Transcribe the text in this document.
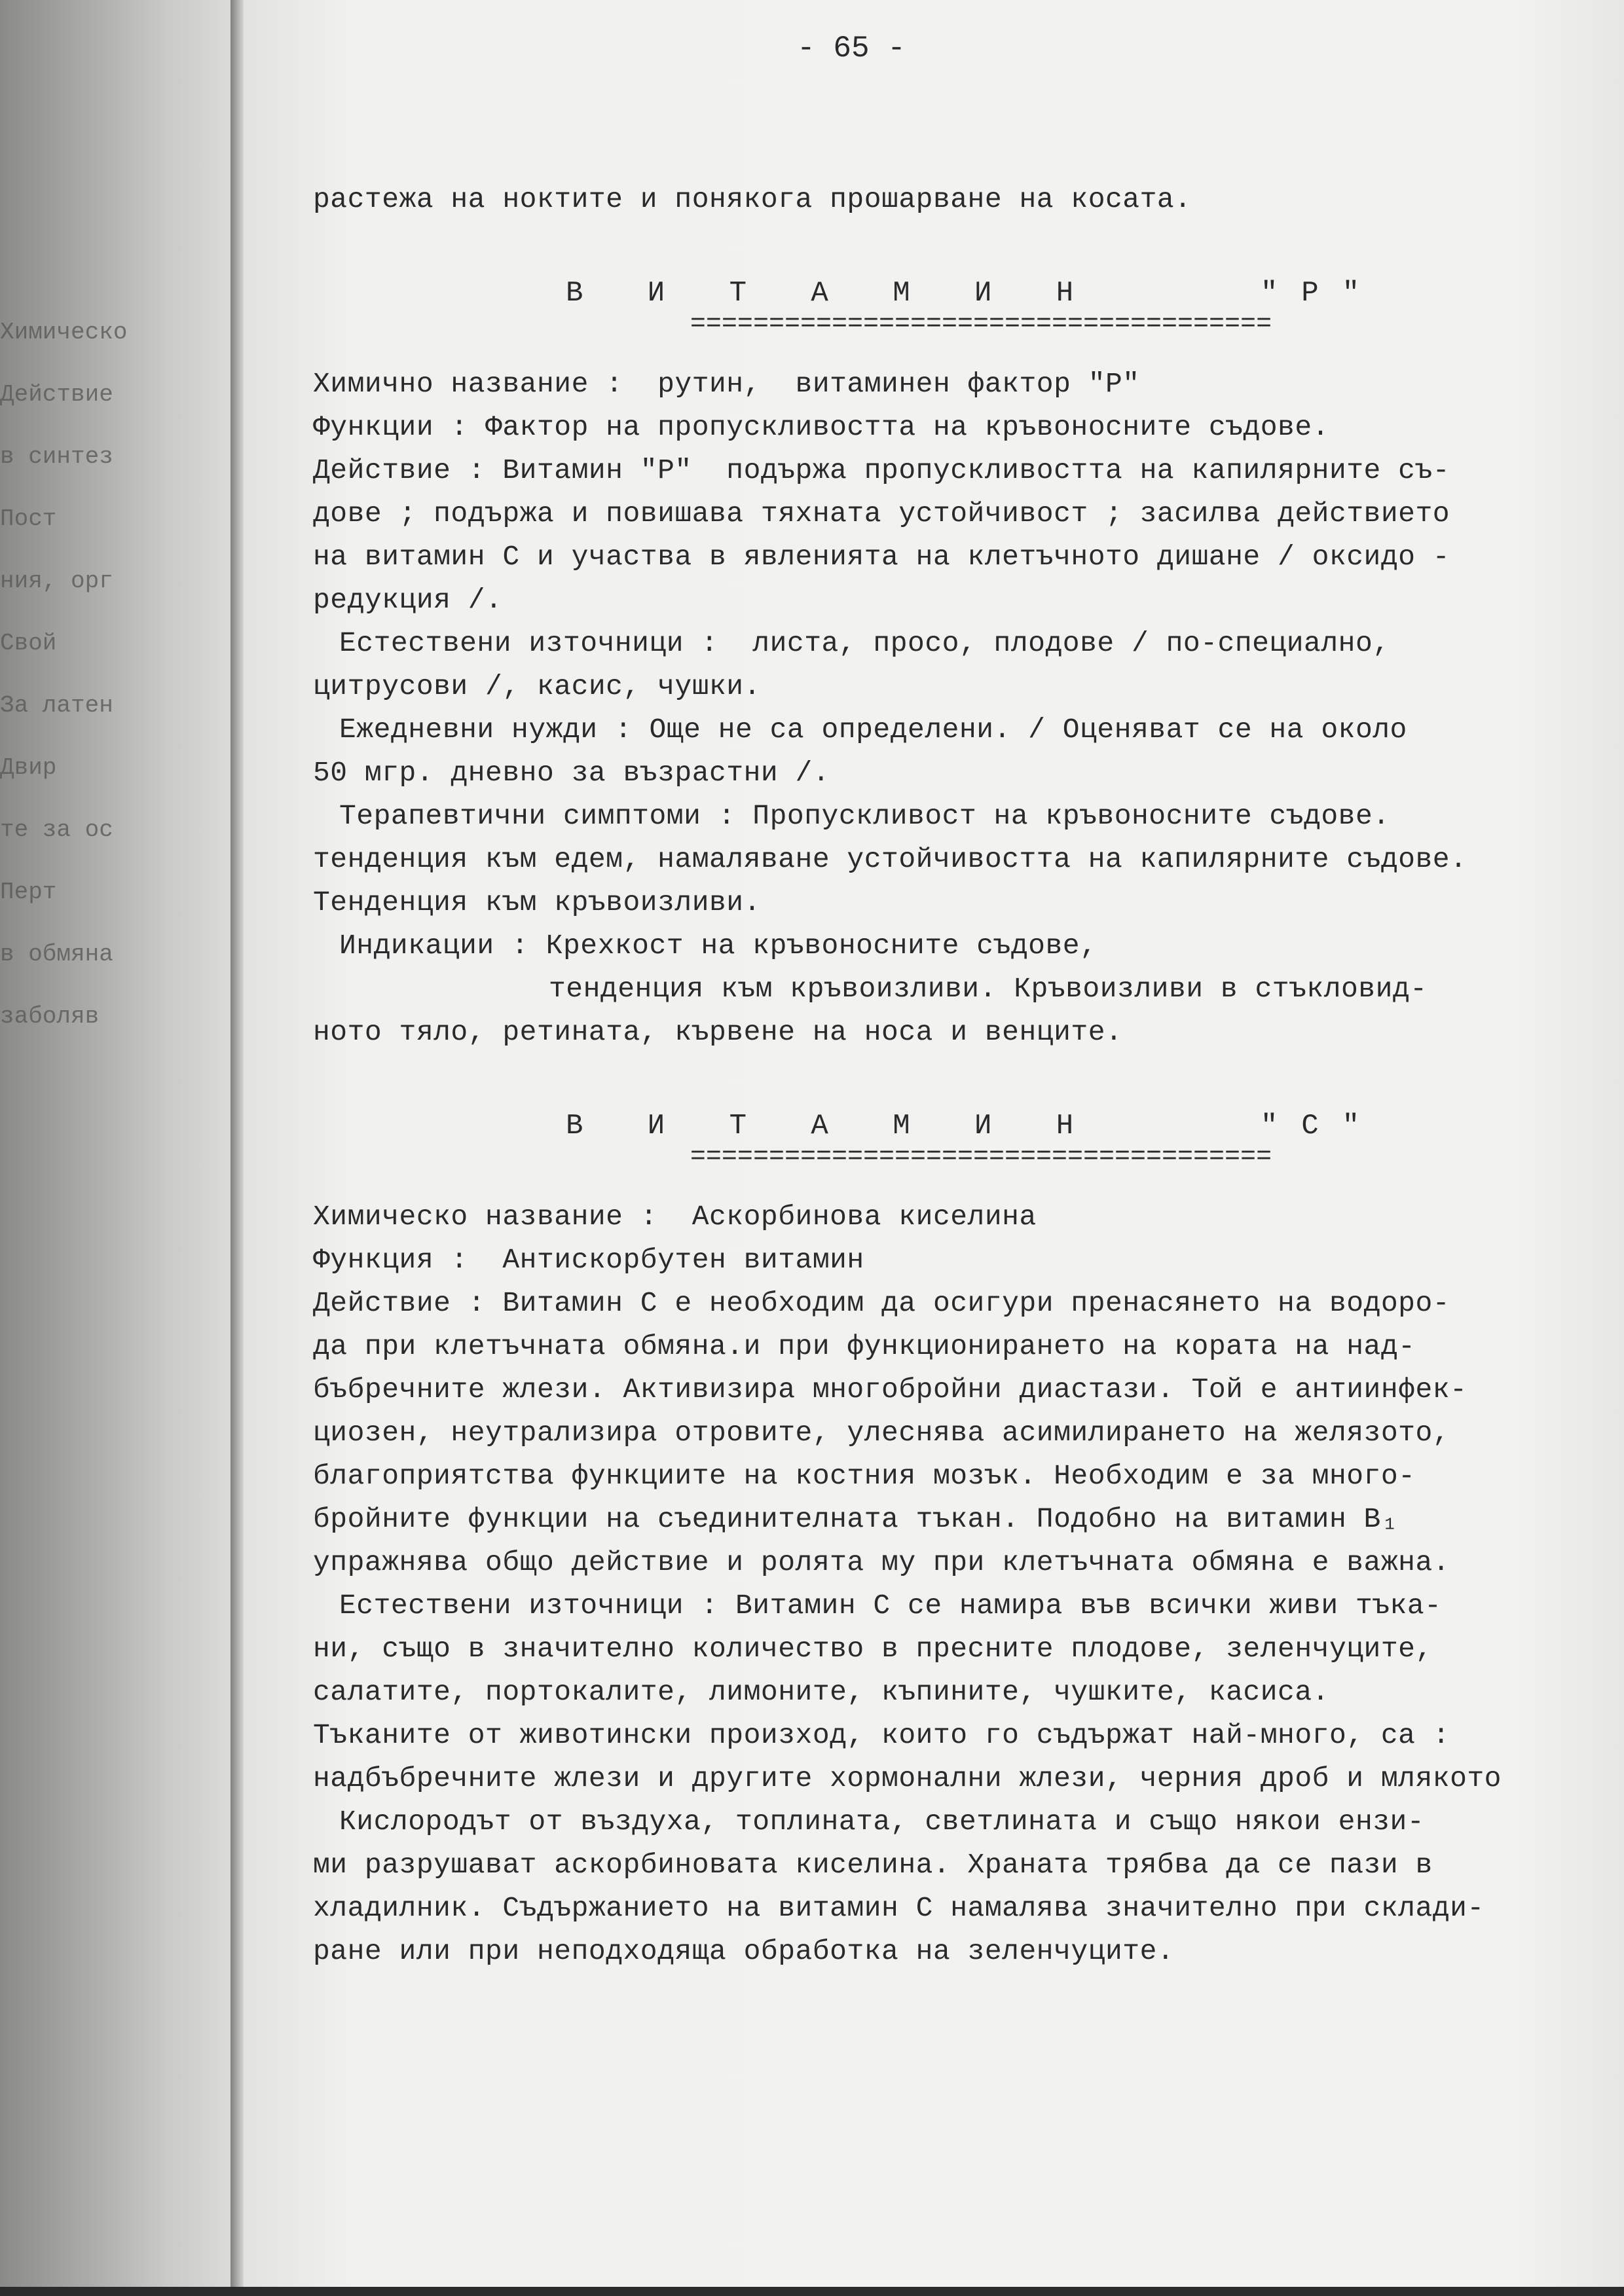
Химическо
Действие
в синтез
Пост
ния, орг
Свой
За латен
Двир
те за ос
Перт
в обмяна
заболяв
- 65 -

растежа на ноктите и понякога прошарване на косата.

В И Т А М И Н    "Р"

=====================================

Химично название :  рутин,  витаминен фактор "Р"

Функции : Фактор на пропускливостта на кръвоносните съдове.

Действие : Витамин "Р"  подържа пропускливостта на капилярните съ-

дове ; подържа и повишава тяхната устойчивост ; засилва действието

на витамин С и участва в явленията на клетъчното дишане / оксидо -

редукция /.

Естествени източници :  листа, просо, плодове / по-специално,

цитрусови /, касис, чушки.

Ежедневни нужди : Още не са определени. / Оценяват се на около

50 мгр. дневно за възрастни /.

Терапевтични симптоми : Пропускливост на кръвоносните съдове.

тенденция към едем, намаляване устойчивостта на капилярните съдове.

Тенденция към кръвоизливи.

Индикации : Крехкост на кръвоносните съдове,

тенденция към кръвоизливи. Кръвоизливи в стъкловид-

ното тяло, ретината, кървене на носа и венците.

В И Т А М И Н    "С"

=====================================

Химическо название :  Аскорбинова киселина

Функция :  Антискорбутен витамин

Действие : Витамин С е необходим да осигури пренасянето на водоро-

да при клетъчната обмяна.и при функционирането на кората на над-

бъбречните жлези. Активизира многобройни диастази. Той е антиинфек-

циозен, неутрализира отровите, улеснява асимилирането на желязото,

благоприятства функциите на костния мозък. Необходим е за много-

бройните функции на съединителната тъкан. Подобно на витамин B₁

упражнява общо действие и ролята му при клетъчната обмяна е важна.

Естествени източници : Витамин С се намира във всички живи тъка-

ни, също в значително количество в пресните плодове, зеленчуците,

салатите, портокалите, лимоните, къпините, чушките, касиса.

Тъканите от животински произход, които го съдържат най-много, са :

надбъбречните жлези и другите хормонални жлези, черния дроб и млякото

Кислородът от въздуха, топлината, светлината и също някои ензи-

ми разрушават аскорбиновата киселина. Храната трябва да се пази в

хладилник. Съдържанието на витамин С намалява значително при склади-

ране или при неподходяща обработка на зеленчуците.
